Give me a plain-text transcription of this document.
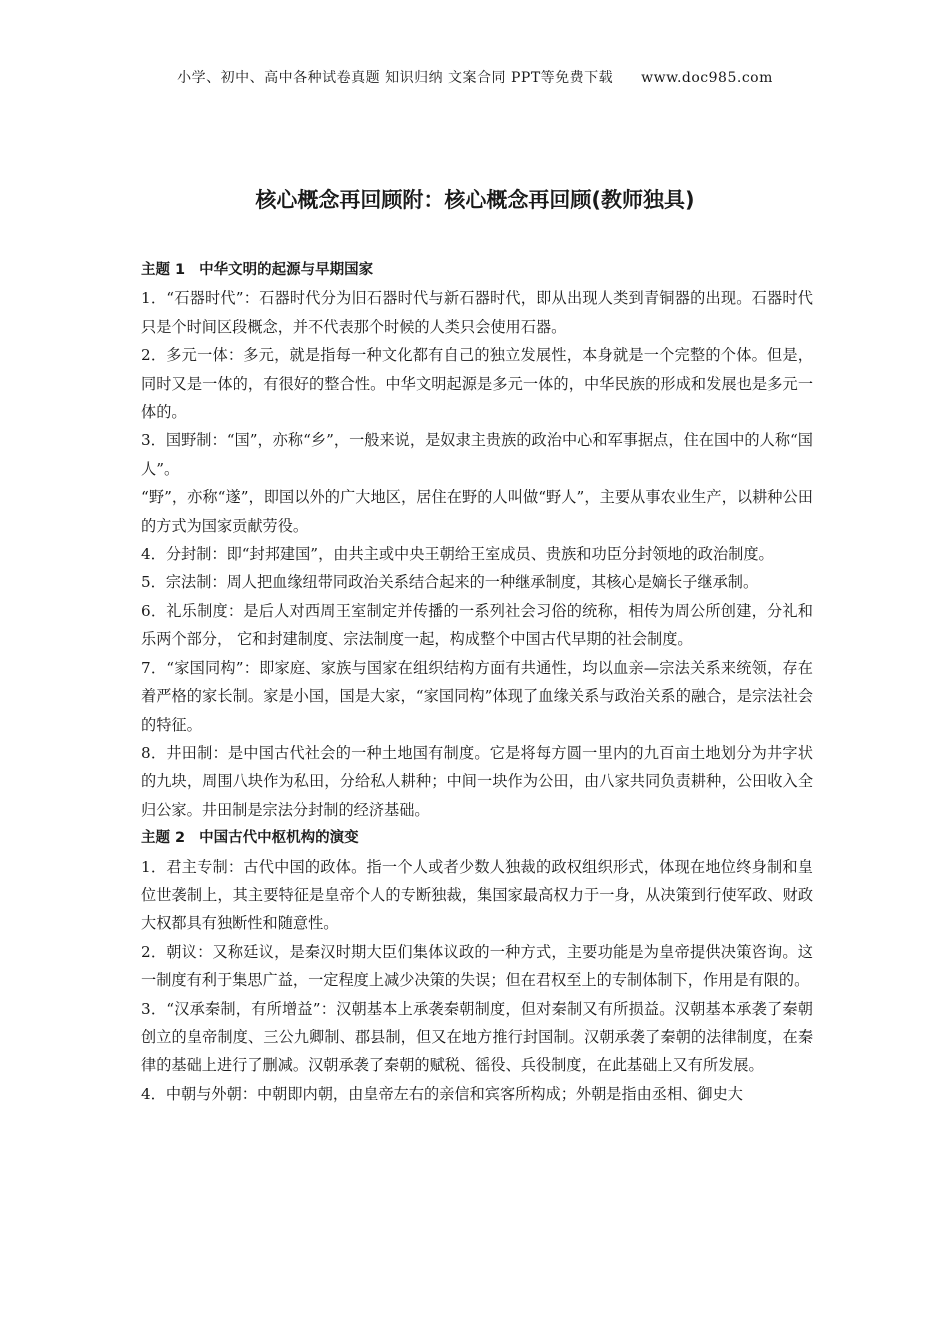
小学、初中、高中各种试卷真题 知识归纳 文案合同 PPT等免费下载 www.doc985.com
核心概念再回顾附：核心概念再回顾(教师独具)

主题 1 中华文明的起源与早期国家

1．“石器时代”：石器时代分为旧石器时代与新石器时代，即从出现人类到青铜器的出现。石器时代只是个时间区段概念，并不代表那个时候的人类只会使用石器。

2．多元一体：多元，就是指每一种文化都有自己的独立发展性，本身就是一个完整的个体。但是，同时又是一体的，有很好的整合性。中华文明起源是多元一体的，中华民族的形成和发展也是多元一体的。

3．国野制：“国”，亦称“乡”，一般来说，是奴隶主贵族的政治中心和军事据点，住在国中的人称“国人”。

“野”，亦称“遂”，即国以外的广大地区，居住在野的人叫做“野人”，主要从事农业生产，以耕种公田的方式为国家贡献劳役。

4．分封制：即“封邦建国”，由共主或中央王朝给王室成员、贵族和功臣分封领地的政治制度。

5．宗法制：周人把血缘纽带同政治关系结合起来的一种继承制度，其核心是嫡长子继承制。

6．礼乐制度：是后人对西周王室制定并传播的一系列社会习俗的统称，相传为周公所创建，分礼和乐两个部分， 它和封建制度、宗法制度一起，构成整个中国古代早期的社会制度。

7．“家国同构”：即家庭、家族与国家在组织结构方面有共通性，均以血亲—宗法关系来统领，存在着严格的家长制。家是小国，国是大家，“家国同构”体现了血缘关系与政治关系的融合，是宗法社会的特征。

8．井田制：是中国古代社会的一种土地国有制度。它是将每方圆一里内的九百亩土地划分为井字状的九块，周围八块作为私田，分给私人耕种；中间一块作为公田，由八家共同负责耕种，公田收入全归公家。井田制是宗法分封制的经济基础。

主题 2 中国古代中枢机构的演变

1．君主专制：古代中国的政体。指一个人或者少数人独裁的政权组织形式，体现在地位终身制和皇位世袭制上，其主要特征是皇帝个人的专断独裁，集国家最高权力于一身，从决策到行使军政、财政大权都具有独断性和随意性。

2．朝议：又称廷议，是秦汉时期大臣们集体议政的一种方式，主要功能是为皇帝提供决策咨询。这一制度有利于集思广益，一定程度上减少决策的失误；但在君权至上的专制体制下，作用是有限的。

3．“汉承秦制，有所增益”：汉朝基本上承袭秦朝制度，但对秦制又有所损益。汉朝基本承袭了秦朝创立的皇帝制度、三公九卿制、郡县制，但又在地方推行封国制。汉朝承袭了秦朝的法律制度，在秦律的基础上进行了删减。汉朝承袭了秦朝的赋税、徭役、兵役制度，在此基础上又有所发展。

4．中朝与外朝：中朝即内朝，由皇帝左右的亲信和宾客所构成；外朝是指由丞相、御史大
